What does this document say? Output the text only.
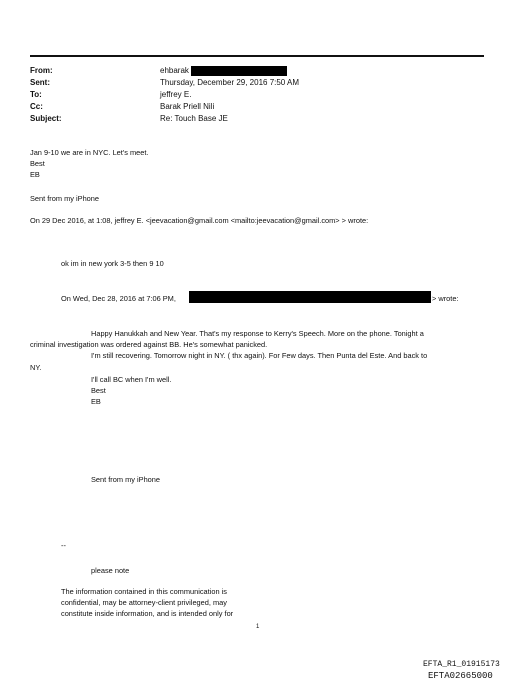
From:	ehbarak
Sent:	Thursday, December 29, 2016 7:50 AM
To:	jeffrey E.
Cc:	Barak Priell Nili
Subject:	Re: Touch Base JE
Jan 9-10 we are in NYC. Let's meet.
Best
EB
Sent from my iPhone
On 29 Dec 2016, at 1:08, jeffrey E. <jeevacation@gmail.com <mailto:jeevacation@gmail.com> > wrote:
ok im in new york 3-5 then 9 10
On Wed, Dec 28, 2016 at 7:06 PM,	> wrote:
Happy Hanukkah and New Year. That's my response to Kerry's Speech. More on the phone. Tonight a
criminal investigation was ordered against BB. He's somewhat panicked.
I'm still recovering. Tomorrow night in NY. ( thx again). For Few days. Then Punta del Este. And back to
NY.
I'll call BC when I'm well.
Best
EB
Sent from my iPhone
--
please note
The information contained in this communication is
confidential, may be attorney-client privileged, may
constitute inside information, and is intended only for
1
EFTA_R1_01915173
EFTA02665000
